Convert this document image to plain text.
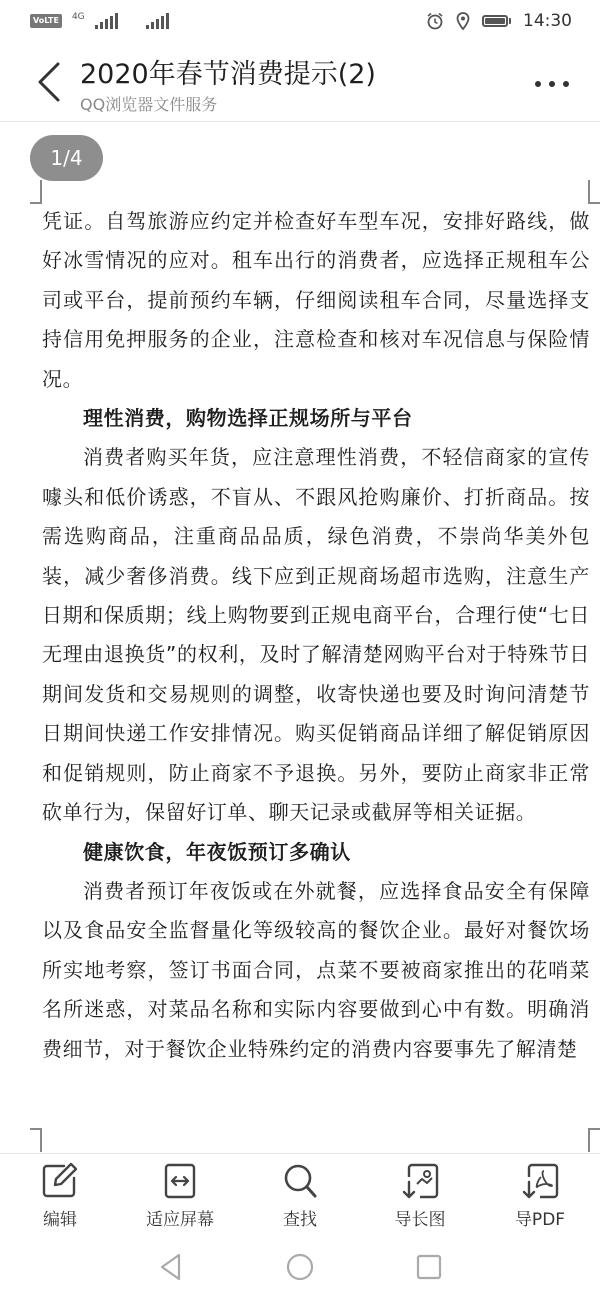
VoLTE	4G	14:30
2020年春节消费提示(2)
QQ浏览器文件服务
1/4

凭证。自驾旅游应约定并检查好车型车况，安排好路线，做好冰雪情况的应对。租车出行的消费者，应选择正规租车公司或平台，提前预约车辆，仔细阅读租车合同，尽量选择支持信用免押服务的企业，注意检查和核对车况信息与保险情况。

理性消费，购物选择正规场所与平台

消费者购买年货，应注意理性消费，不轻信商家的宣传噱头和低价诱惑，不盲从、不跟风抢购廉价、打折商品。按需选购商品，注重商品品质，绿色消费，不崇尚华美外包装，减少奢侈消费。线下应到正规商场超市选购，注意生产日期和保质期；线上购物要到正规电商平台，合理行使“七日无理由退换货”的权利，及时了解清楚网购平台对于特殊节日期间发货和交易规则的调整，收寄快递也要及时询问清楚节日期间快递工作安排情况。购买促销商品详细了解促销原因和促销规则，防止商家不予退换。另外，要防止商家非正常砍单行为，保留好订单、聊天记录或截屏等相关证据。

健康饮食，年夜饭预订多确认

消费者预订年夜饭或在外就餐，应选择食品安全有保障以及食品安全监督量化等级较高的餐饮企业。最好对餐饮场所实地考察，签订书面合同，点菜不要被商家推出的花哨菜名所迷惑，对菜品名称和实际内容要做到心中有数。明确消费细节，对于餐饮企业特殊约定的消费内容要事先了解清楚

编辑	适应屏幕	查找	导长图	导PDF
